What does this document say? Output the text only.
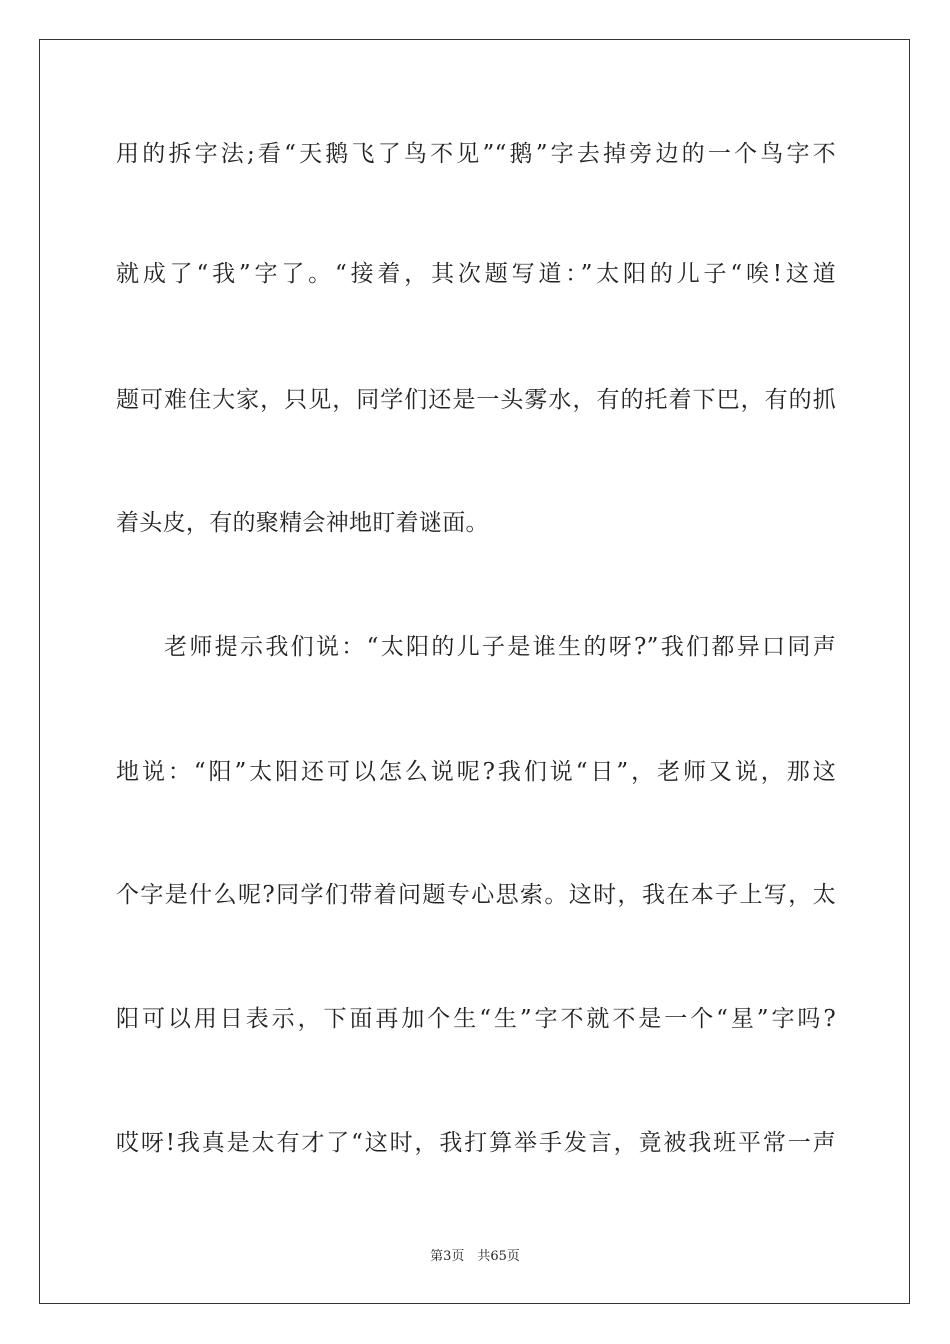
用的拆字法;看“天鹅飞了鸟不见”“鹅”字去掉旁边的一个鸟字不
就成了“我”字了。“接着，其次题写道：”太阳的儿子“唉!这道
题可难住大家，只见，同学们还是一头雾水，有的托着下巴，有的抓
着头皮，有的聚精会神地盯着谜面。
老师提示我们说：“太阳的儿子是谁生的呀?”我们都异口同声
地说：“阳”太阳还可以怎么说呢?我们说“日”，老师又说，那这
个字是什么呢?同学们带着问题专心思索。这时，我在本子上写，太
阳可以用日表示，下面再加个生“生”字不就不是一个“星”字吗?
哎呀!我真是太有才了“这时，我打算举手发言，竟被我班平常一声
第3页　共65页
